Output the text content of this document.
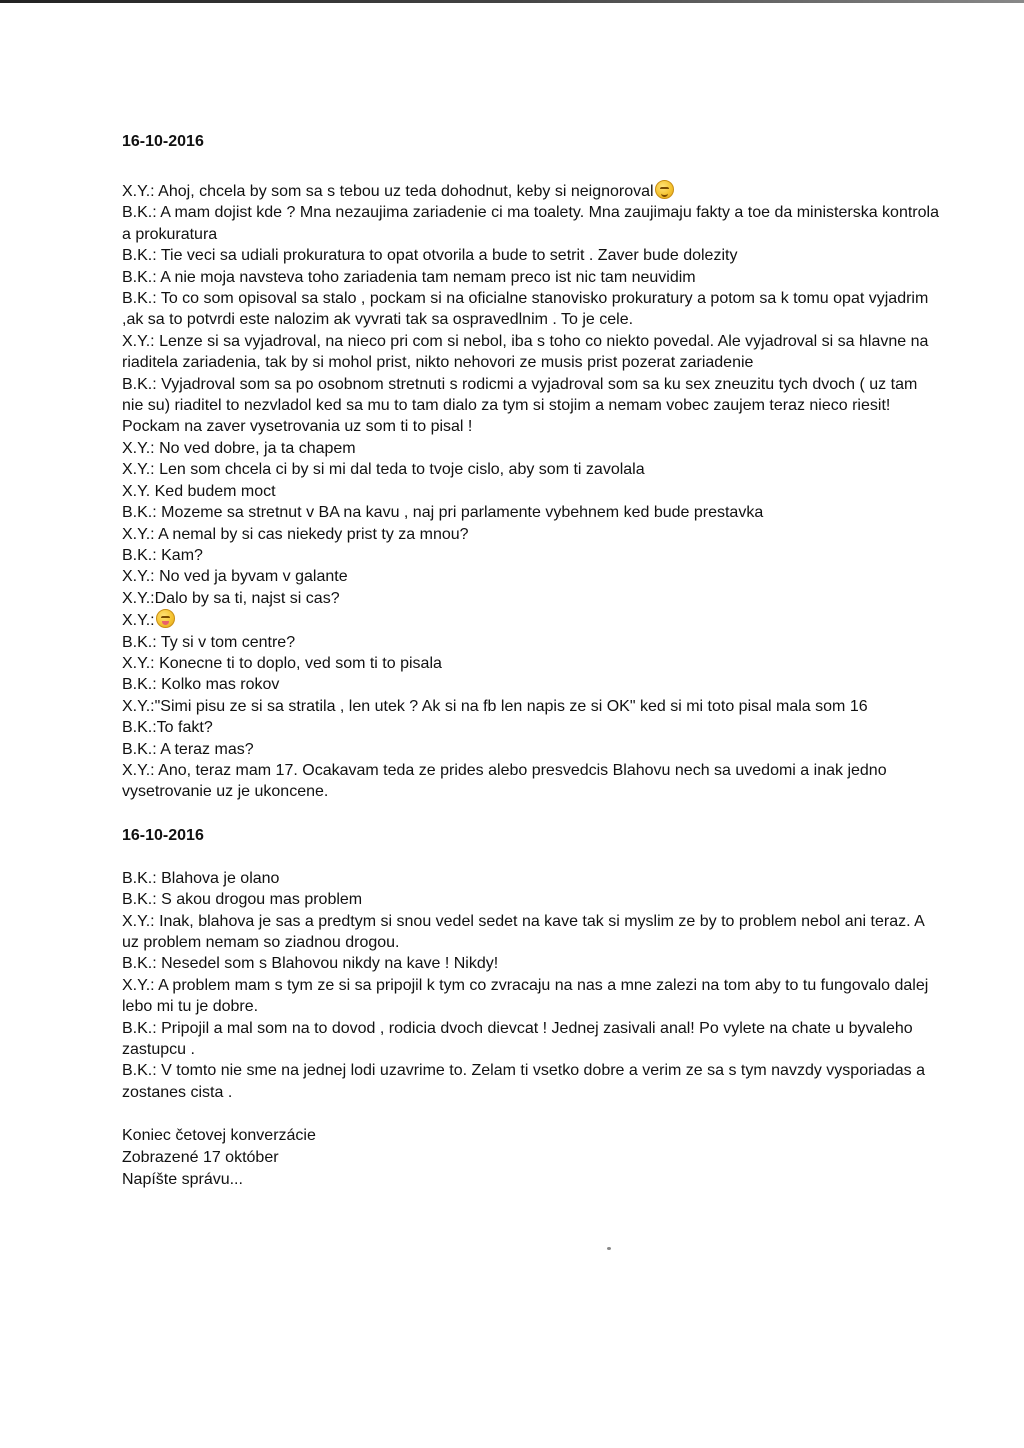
16-10-2016

X.Y.: Ahoj, chcela by som sa s tebou uz teda dohodnut, keby si neignoroval

B.K.: A mam dojist kde ? Mna nezaujima zariadenie ci ma toalety. Mna zaujimaju fakty a toe da ministerska kontrola a prokuratura

B.K.: Tie veci sa udiali prokuratura to opat otvorila a bude to setrit . Zaver bude dolezity

B.K.: A nie moja navsteva toho zariadenia tam nemam preco ist nic tam neuvidim

B.K.: To co som opisoval sa stalo , pockam si na oficialne stanovisko prokuratury a potom sa k tomu opat vyjadrim ,ak sa to potvrdi este nalozim ak vyvrati tak sa ospravedlnim . To je cele.

X.Y.: Lenze si sa vyjadroval, na nieco pri com si nebol, iba s toho co niekto povedal. Ale vyjadroval si sa hlavne na riaditela zariadenia, tak by si mohol prist, nikto nehovori ze musis prist pozerat zariadenie

B.K.: Vyjadroval som sa po osobnom stretnuti s rodicmi a vyjadroval som sa ku sex zneuzitu tych dvoch ( uz tam nie su) riaditel to nezvladol ked sa mu to tam dialo za tym si stojim a nemam vobec zaujem teraz nieco riesit! Pockam na zaver vysetrovania uz som ti to pisal !

X.Y.: No ved dobre, ja ta chapem

X.Y.: Len som chcela ci by si mi dal teda to tvoje cislo, aby som ti zavolala

X.Y. Ked budem moct

B.K.: Mozeme sa stretnut v BA na kavu , naj pri parlamente vybehnem ked bude prestavka

X.Y.: A nemal by si cas niekedy prist ty za mnou?

B.K.: Kam?

X.Y.: No ved ja byvam v galante

X.Y.:Dalo by sa ti, najst si cas?

X.Y.:

B.K.: Ty si v tom centre?

X.Y.: Konecne ti to doplo, ved som ti to pisala

B.K.: Kolko mas rokov

X.Y.:"Simi pisu ze si sa stratila , len utek ? Ak si na fb len napis ze si OK" ked si mi toto pisal mala som 16

B.K.:To fakt?

B.K.: A teraz mas?

X.Y.: Ano, teraz mam 17. Ocakavam teda ze prides alebo presvedcis Blahovu nech sa uvedomi a inak jedno vysetrovanie uz je ukoncene.

16-10-2016

B.K.: Blahova je olano

B.K.: S akou drogou mas problem

X.Y.: Inak, blahova je sas a predtym si snou vedel sedet na kave tak si myslim ze by to problem nebol ani teraz. A uz problem nemam so ziadnou drogou.

B.K.: Nesedel som s Blahovou nikdy na kave ! Nikdy!

X.Y.: A problem mam s tym ze si sa pripojil k tym co zvracaju na nas a mne zalezi na tom aby to tu fungovalo dalej lebo mi tu je dobre.

B.K.: Pripojil a mal som na to dovod , rodicia dvoch dievcat ! Jednej zasivali anal! Po vylete na chate u byvaleho zastupcu .

B.K.: V tomto nie sme na jednej lodi uzavrime to. Zelam ti vsetko dobre a verim ze sa s tym navzdy vysporiadas a zostanes cista .

Koniec četovej konverzácie

Zobrazené 17 október

Napíšte správu...
